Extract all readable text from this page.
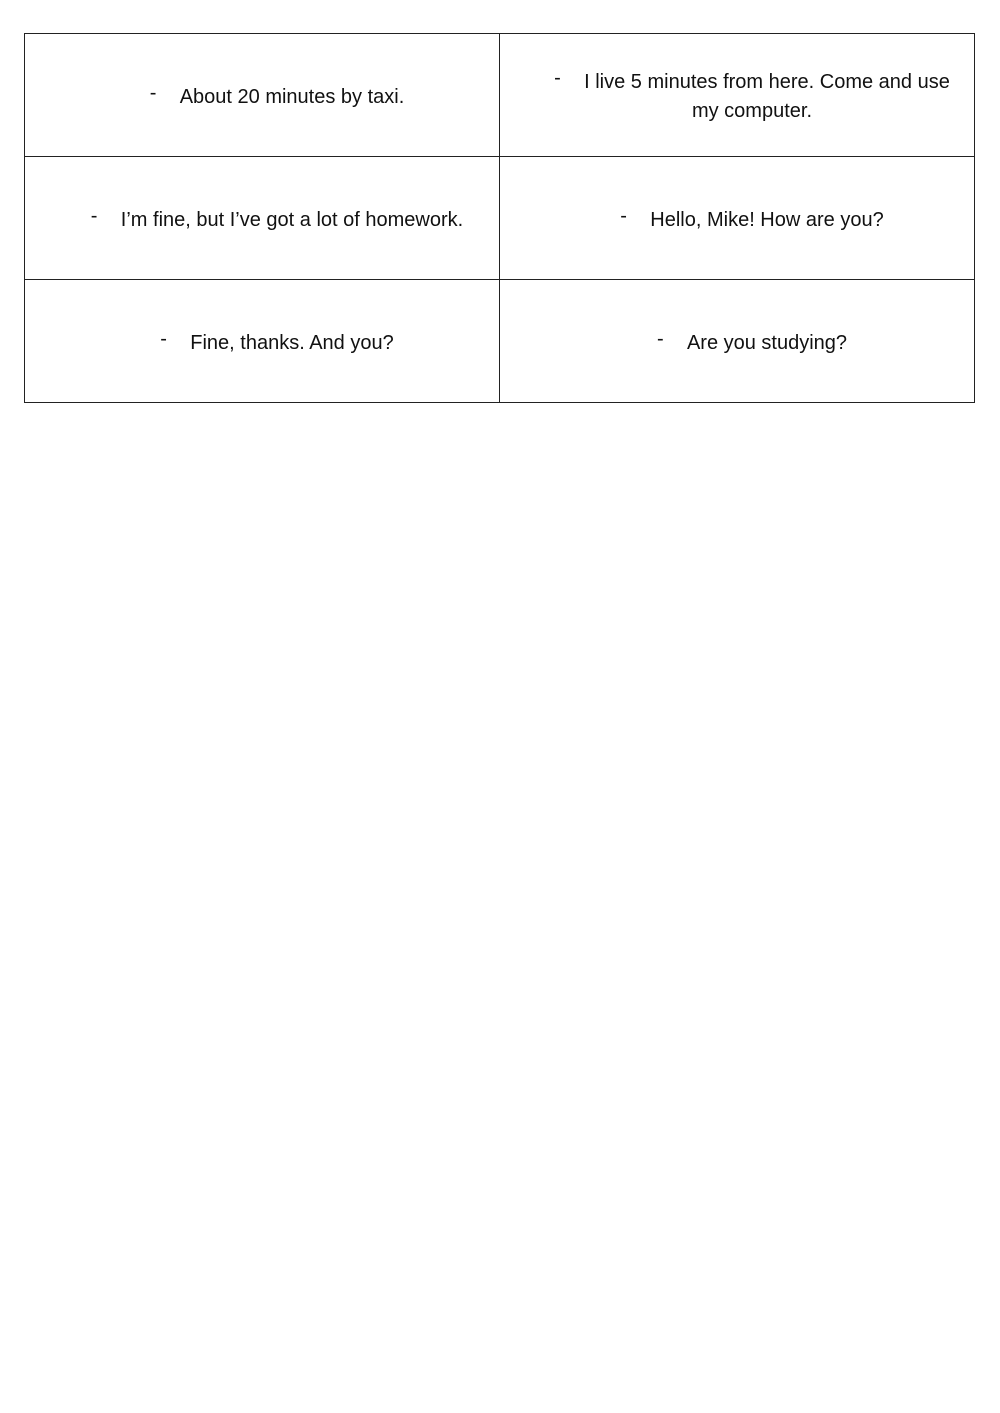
- About 20 minutes by taxi.	- I live 5 minutes from here. Come and use my computer.
- I’m fine, but I’ve got a lot of homework.	- Hello, Mike! How are you?
- Fine, thanks. And you?	- Are you studying?
